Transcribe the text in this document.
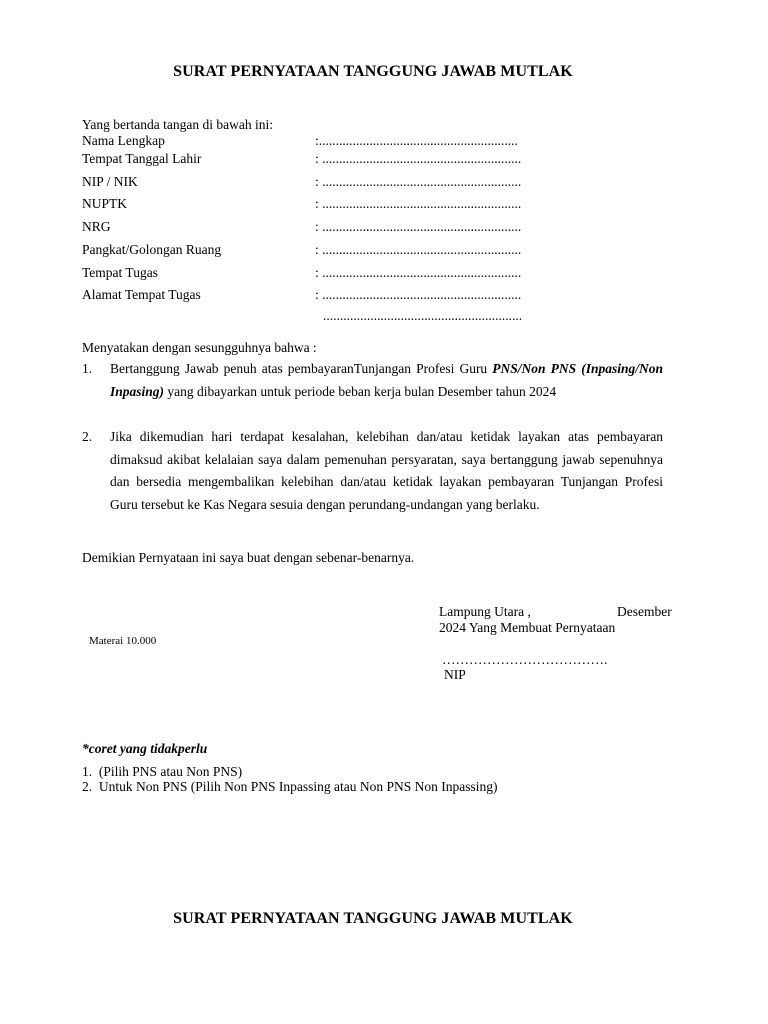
SURAT PERNYATAAN TANGGUNG JAWAB MUTLAK
Yang bertanda tangan di bawah ini:
Nama Lengkap	:...........................................................
Tempat Tanggal Lahir	: ...........................................................
NIP / NIK	: ...........................................................
NUPTK	: ...........................................................
NRG	: ...........................................................
Pangkat/Golongan Ruang	: ...........................................................
Tempat Tugas	: ...........................................................
Alamat Tempat Tugas	: ...........................................................
...........................................................
Menyatakan dengan sesungguhnya bahwa :
1. Bertanggung Jawab penuh atas pembayaranTunjangan Profesi Guru PNS/Non PNS (Inpasing/Non Inpasing) yang dibayarkan untuk periode beban kerja bulan Desember tahun 2024
2. Jika dikemudian hari terdapat kesalahan, kelebihan dan/atau ketidak layakan atas pembayaran dimaksud akibat kelalaian saya dalam pemenuhan persyaratan, saya bertanggung jawab sepenuhnya dan bersedia mengembalikan kelebihan dan/atau ketidak layakan pembayaran Tunjangan Profesi Guru tersebut ke Kas Negara sesuia dengan perundang-undangan yang berlaku.
Demikian Pernyataan ini saya buat dengan sebenar-benarnya.
Lampung Utara ,	Desember
2024 Yang Membuat Pernyataan
……………………………….
NIP
Materai 10.000
*coret yang tidakperlu
1. (Pilih PNS atau Non PNS)
2. Untuk Non PNS (Pilih Non PNS Inpassing atau Non PNS Non Inpassing)
SURAT PERNYATAAN TANGGUNG JAWAB MUTLAK
